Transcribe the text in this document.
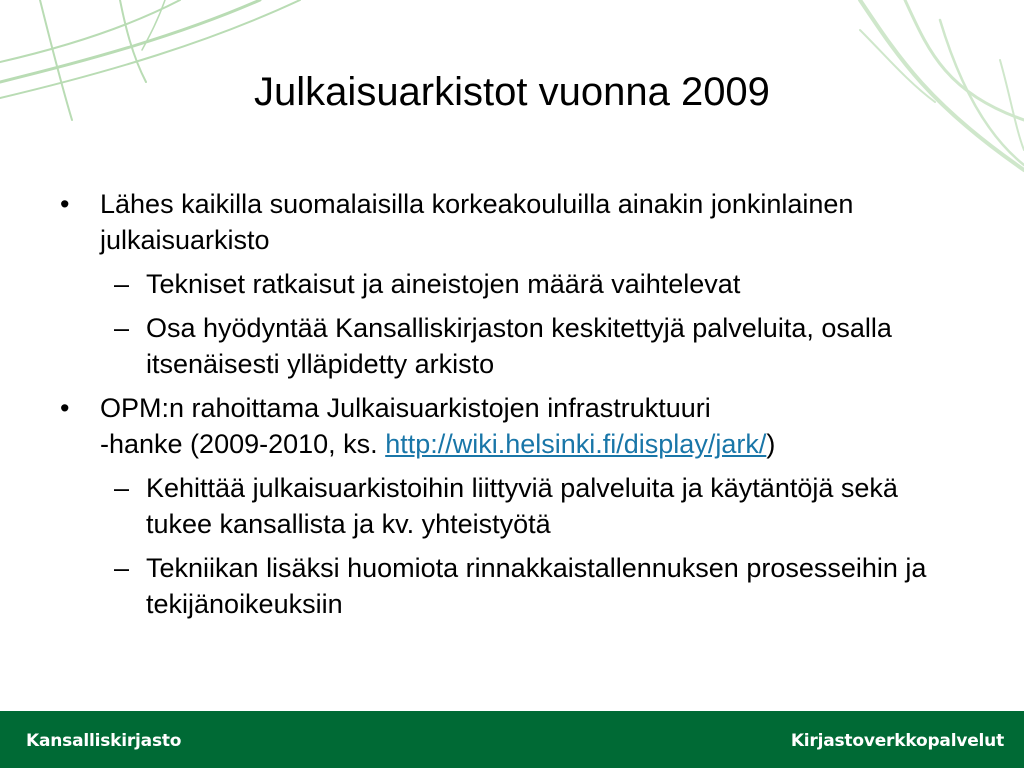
Julkaisuarkistot vuonna 2009
• Lähes kaikilla suomalaisilla korkeakouluilla ainakin jonkinlainen julkaisuarkisto
– Tekniset ratkaisut ja aineistojen määrä vaihtelevat
– Osa hyödyntää Kansalliskirjaston keskitettyjä palveluita, osalla itsenäisesti ylläpidetty arkisto
• OPM:n rahoittama Julkaisuarkistojen infrastruktuuri
-hanke (2009-2010, ks. http://wiki.helsinki.fi/display/jark/)
– Kehittää julkaisuarkistoihin liittyviä palveluita ja käytäntöjä sekä tukee kansallista ja kv. yhteistyötä
– Tekniikan lisäksi huomiota rinnakkaistallennuksen prosesseihin ja tekijänoikeuksiin
Kansalliskirjasto	Kirjastoverkkopalvelut
